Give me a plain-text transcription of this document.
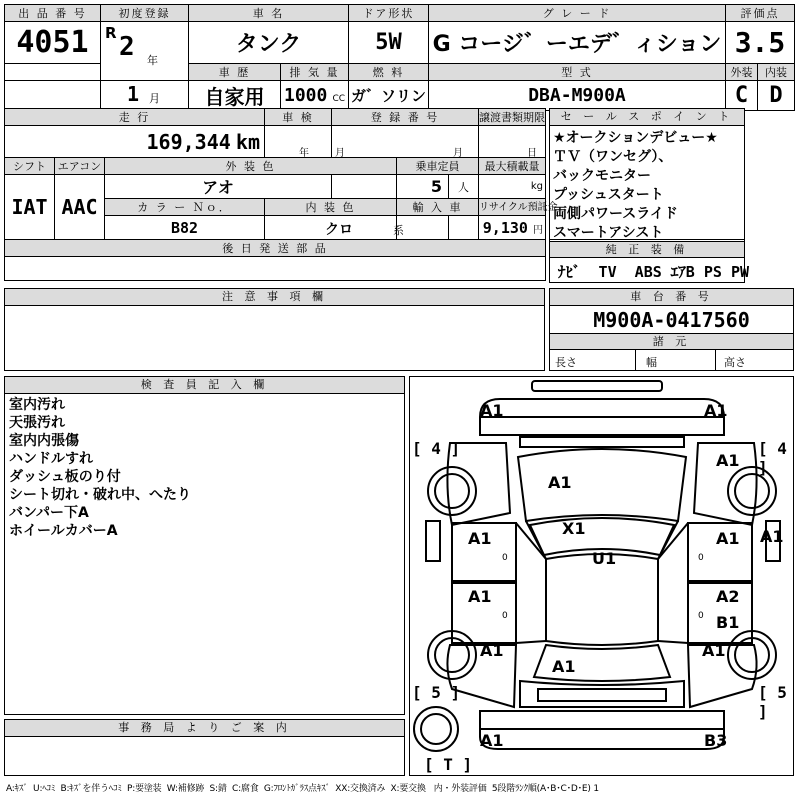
出 品 番 号	初度登録	車 名		ドア形状	グ レ ー ド	評価点	
4051	R 2 年	タンク		5W	G コージ゛ーエデ゛ィション	3.5	
		車 歴	排 気 量	燃 料	型 式	外装	内装

	1 月	自家用	1000 CC	ガ゛ソリン	DBA-M900A	C	D
走 行			車 検	登 録 番 号			譲渡書類期限
169,344 km			年 月				月 日

シフト	エアコン	外 装 色			乗車定員		最大積載量
IAT	AAC	アオ			5	人	kg
		カ ラ ー Ｎｏ．	内 装 色		輸 入 車		リサイクル預託金
		B82	クロ 系				9,130 円
後 日 発 送 部 品							

セ ー ル ス ポ イ ン ト
★オークションデビュー★
ＴＶ（ワンセグ）、
バックモニター
プッシュスタート
両側パワースライド
スマートアシスト
純 正 装 備
ﾅﾋﾞ  TV  ABS ｴｱB PS PW
注 意 事 項 欄	車 台 番 号
M900A-0417560
諸 元
長さ	幅	高さ
検 査 員 記 入 欄
室内汚れ
天張汚れ
室内内張傷
ハンドルすれ
ダッシュ板のり付
シート切れ・破れ中、へたり
バンパー下A
ホイールカバーA
事 務 局 よ り ご 案 内
A1	A1
A1
A1
A1
X1
U1
A1	A1
A1	A2
B1
A1	A1
A1
A1	B3
0	0
0	0
[ 4 ]	[ 4 ]
[ 5 ]	[ 5 ]
[ T ]
A:ｷｽﾞ  U:ﾍｺﾐ  B:ｷｽﾞを伴うﾍｺﾐ  P:要塗装  W:補修跡  S:錆  C:腐食  G:ﾌﾛﾝﾄｶﾞﾗｽ点ｷｽﾞ  XX:交換済み  X:要交換   内・外装評価  5段階ﾗﾝｸ順(A･B･C･D･E) 1
